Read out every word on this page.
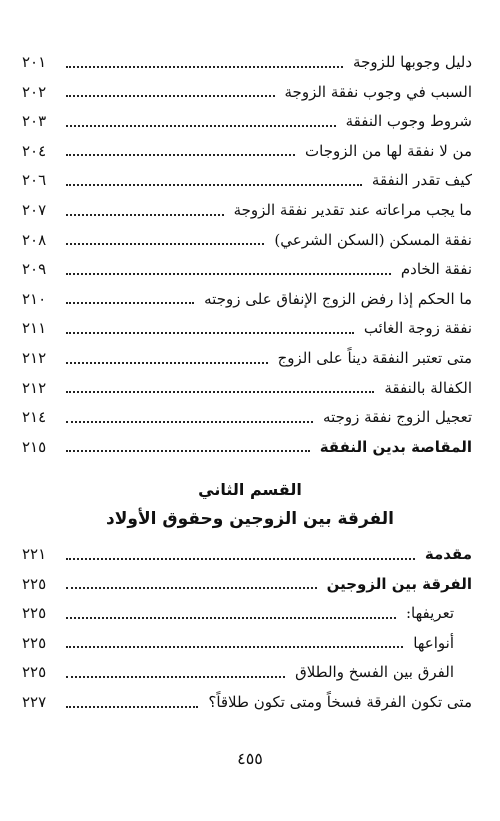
دليل وجوبها للزوجة
٢٠١
السبب في وجوب نفقة الزوجة
٢٠٢
شروط وجوب النفقة
٢٠٣
من لا نفقة لها من الزوجات
٢٠٤
كيف تقدر النفقة
٢٠٦
ما يجب مراعاته عند تقدير نفقة الزوجة
٢٠٧
نفقة المسكن (السكن الشرعي)
٢٠٨
نفقة الخادم
٢٠٩
ما الحكم إذا رفض الزوج الإنفاق على زوجته
٢١٠
نفقة زوجة الغائب
٢١١
متى تعتبر النفقة ديناً على الزوج
٢١٢
الكفالة بالنفقة
٢١٢
تعجيل الزوج نفقة زوجته
٢١٤
المقاصة بدين النفقة
٢١٥
القسم الثاني
الفرقة بين الزوجين وحقوق الأولاد
مقدمة
٢٢١
الفرقة بين الزوجين
٢٢٥
تعريفها:
٢٢٥
أنواعها
٢٢٥
الفرق بين الفسخ والطلاق
٢٢٥
متى تكون الفرقة فسخاً ومتى تكون طلاقاً؟
٢٢٧
٤٥٥
